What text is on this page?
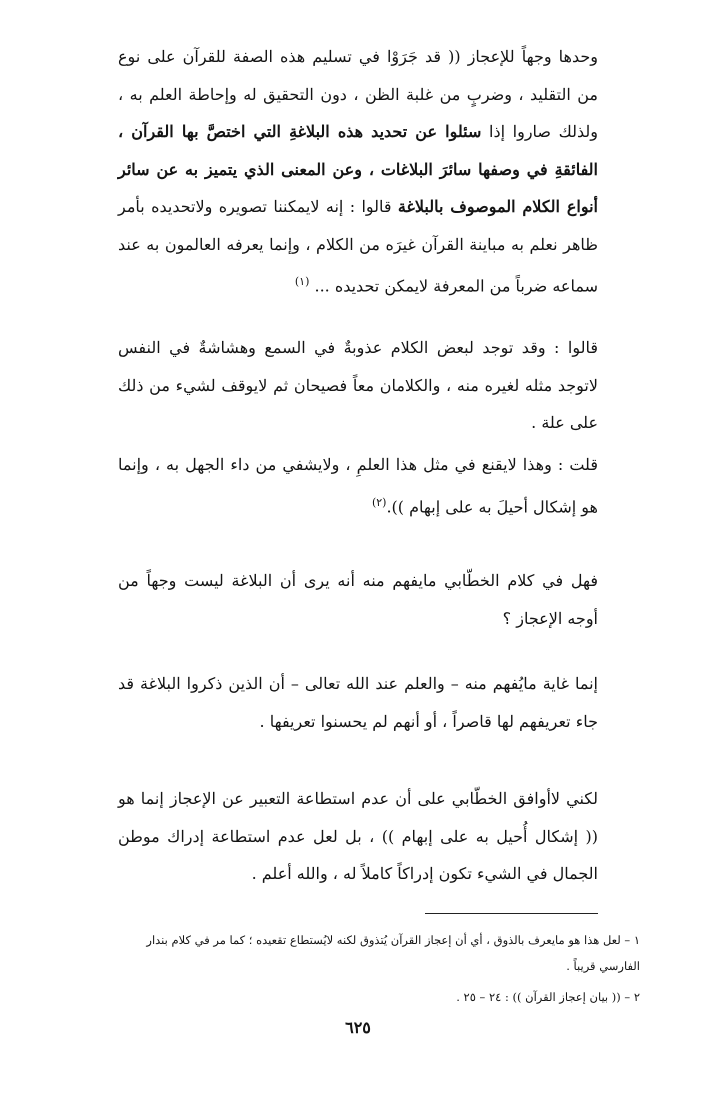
وحدها وجهاً للإعجاز (( قد جَرَوْا في تسليم هذه الصفة للقرآن على نوع من التقليد ، وضربٍ من غلبة الظن ، دون التحقيق له وإحاطة العلم به ، ولذلك صاروا إذا سئلوا عن تحديد هذه البلاغةِ التي اختصَّ بها القرآن ، الفائقةِ في وصفها سائرَ البلاغات ، وعن المعنى الذي يتميز به عن سائر أنواع الكلام الموصوف بالبلاغة قالوا : إنه لايمكننا تصويره ولاتحديده بأمر ظاهر نعلم به مباينة القرآن غيرَه من الكلام ، وإنما يعرفه العالمون به عند سماعه ضرباً من المعرفة لايمكن تحديده ... $^{(١)}$

قالوا : وقد توجد لبعض الكلام عذوبةٌ في السمع وهشاشةٌ في النفس لاتوجد مثله لغيره منه ، والكلامان معاً فصيحان ثم لايوقف لشيء من ذلك على علة .

قلت : وهذا لايقنع في مثل هذا العلمِ ، ولايشفي من داء الجهل به ، وإنما هو إشكال أحيلَ به على إبهام )).$^{(٢)}$

فهل في كلام الخطّابي مايفهم منه أنه يرى أن البلاغة ليست وجهاً من أوجه الإعجاز ؟

إنما غاية مايُفهم منه – والعلم عند الله تعالى – أن الذين ذكروا البلاغة قد جاء تعريفهم لها قاصراً ، أو أنهم لم يحسنوا تعريفها .

لكني لاأوافق الخطّابي على أن عدم استطاعة التعبير عن الإعجاز إنما هو (( إشكال أُحيل به على إبهام )) ، بل لعل عدم استطاعة إدراك موطن الجمال في الشيء تكون إدراكاً كاملاً له ، والله أعلم .

١ – لعل هذا هو مايعرف بالذوق ، أي أن إعجاز القرآن يُتذوق لكنه لايُستطاع تقعيده ؛ كما مر في كلام بندار الفارسي قريباً .

٢ – (( بيان إعجاز القرآن )) : ٢٤ – ٢٥ .

٦٢٥
